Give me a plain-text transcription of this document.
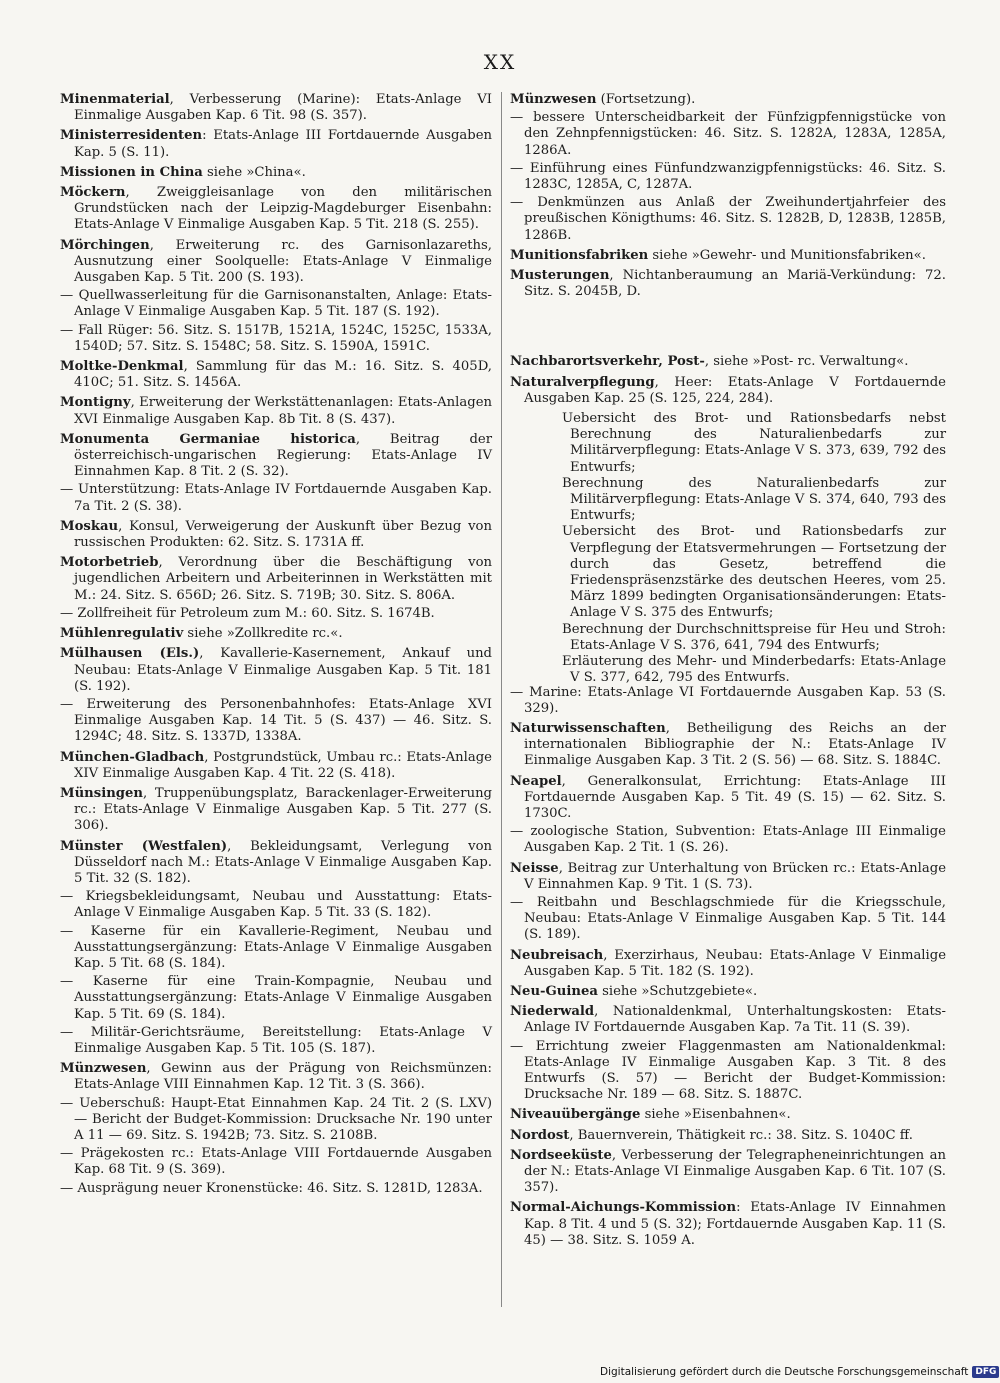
XX
Minenmaterial, Verbesserung (Marine): Etats-Anlage VI Einmalige Ausgaben Kap. 6 Tit. 98 (S. 357).
Ministerresidenten: Etats-Anlage III Fortdauernde Ausgaben Kap. 5 (S. 11).
Missionen in China siehe »China«.
Möckern, Zweiggleisanlage von den militärischen Grundstücken nach der Leipzig-Magdeburger Eisenbahn: Etats-Anlage V Einmalige Ausgaben Kap. 5 Tit. 218 (S. 255).
Mörchingen, Erweiterung rc. des Garnisonlazareths, Ausnutzung einer Soolquelle: Etats-Anlage V Einmalige Ausgaben Kap. 5 Tit. 200 (S. 193).
— Quellwasserleitung für die Garnisonanstalten, Anlage: Etats-Anlage V Einmalige Ausgaben Kap. 5 Tit. 187 (S. 192).
— Fall Rüger: 56. Sitz. S. 1517B, 1521A, 1524C, 1525C, 1533A, 1540D; 57. Sitz. S. 1548C; 58. Sitz. S. 1590A, 1591C.
Moltke-Denkmal, Sammlung für das M.: 16. Sitz. S. 405D, 410C; 51. Sitz. S. 1456A.
Montigny, Erweiterung der Werkstättenanlagen: Etats-Anlagen XVI Einmalige Ausgaben Kap. 8b Tit. 8 (S. 437).
Monumenta Germaniae historica, Beitrag der österreichisch-ungarischen Regierung: Etats-Anlage IV Einnahmen Kap. 8 Tit. 2 (S. 32).
— Unterstützung: Etats-Anlage IV Fortdauernde Ausgaben Kap. 7a Tit. 2 (S. 38).
Moskau, Konsul, Verweigerung der Auskunft über Bezug von russischen Produkten: 62. Sitz. S. 1731A ff.
Motorbetrieb, Verordnung über die Beschäftigung von jugendlichen Arbeitern und Arbeiterinnen in Werkstätten mit M.: 24. Sitz. S. 656D; 26. Sitz. S. 719B; 30. Sitz. S. 806A.
— Zollfreiheit für Petroleum zum M.: 60. Sitz. S. 1674B.
Mühlenregulativ siehe »Zollkredite rc.«.
Mülhausen (Els.), Kavallerie-Kasernement, Ankauf und Neubau: Etats-Anlage V Einmalige Ausgaben Kap. 5 Tit. 181 (S. 192).
— Erweiterung des Personenbahnhofes: Etats-Anlage XVI Einmalige Ausgaben Kap. 14 Tit. 5 (S. 437) — 46. Sitz. S. 1294C; 48. Sitz. S. 1337D, 1338A.
München-Gladbach, Postgrundstück, Umbau rc.: Etats-Anlage XIV Einmalige Ausgaben Kap. 4 Tit. 22 (S. 418).
Münsingen, Truppenübungsplatz, Barackenlager-Erweiterung rc.: Etats-Anlage V Einmalige Ausgaben Kap. 5 Tit. 277 (S. 306).
Münster (Westfalen), Bekleidungsamt, Verlegung von Düsseldorf nach M.: Etats-Anlage V Einmalige Ausgaben Kap. 5 Tit. 32 (S. 182).
— Kriegsbekleidungsamt, Neubau und Ausstattung: Etats-Anlage V Einmalige Ausgaben Kap. 5 Tit. 33 (S. 182).
— Kaserne für ein Kavallerie-Regiment, Neubau und Ausstattungsergänzung: Etats-Anlage V Einmalige Ausgaben Kap. 5 Tit. 68 (S. 184).
— Kaserne für eine Train-Kompagnie, Neubau und Ausstattungsergänzung: Etats-Anlage V Einmalige Ausgaben Kap. 5 Tit. 69 (S. 184).
— Militär-Gerichtsräume, Bereitstellung: Etats-Anlage V Einmalige Ausgaben Kap. 5 Tit. 105 (S. 187).
Münzwesen, Gewinn aus der Prägung von Reichsmünzen: Etats-Anlage VIII Einnahmen Kap. 12 Tit. 3 (S. 366).
— Ueberschuß: Haupt-Etat Einnahmen Kap. 24 Tit. 2 (S. LXV) — Bericht der Budget-Kommission: Drucksache Nr. 190 unter A 11 — 69. Sitz. S. 1942B; 73. Sitz. S. 2108B.
— Prägekosten rc.: Etats-Anlage VIII Fortdauernde Ausgaben Kap. 68 Tit. 9 (S. 369).
— Ausprägung neuer Kronenstücke: 46. Sitz. S. 1281D, 1283A.
Münzwesen (Fortsetzung).
— bessere Unterscheidbarkeit der Fünfzigpfennigstücke von den Zehnpfennigstücken: 46. Sitz. S. 1282A, 1283A, 1285A, 1286A.
— Einführung eines Fünfundzwanzigpfennigstücks: 46. Sitz. S. 1283C, 1285A, C, 1287A.
— Denkmünzen aus Anlaß der Zweihundertjahrfeier des preußischen Königthums: 46. Sitz. S. 1282B, D, 1283B, 1285B, 1286B.
Munitionsfabriken siehe »Gewehr- und Munitionsfabriken«.
Musterungen, Nichtanberaumung an Mariä-Verkündung: 72. Sitz. S. 2045B, D.
Nachbarortsverkehr, Post-, siehe »Post- rc. Verwaltung«.
Naturalverpflegung, Heer: Etats-Anlage V Fortdauernde Ausgaben Kap. 25 (S. 125, 224, 284).
Uebersicht des Brot- und Rationsbedarfs nebst Berechnung des Naturalienbedarfs zur Militärverpflegung: Etats-Anlage V S. 373, 639, 792 des Entwurfs;
Berechnung des Naturalienbedarfs zur Militärverpflegung: Etats-Anlage V S. 374, 640, 793 des Entwurfs;
Uebersicht des Brot- und Rationsbedarfs zur Verpflegung der Etatsvermehrungen — Fortsetzung der durch das Gesetz, betreffend die Friedenspräsenzstärke des deutschen Heeres, vom 25. März 1899 bedingten Organisationsänderungen: Etats-Anlage V S. 375 des Entwurfs;
Berechnung der Durchschnittspreise für Heu und Stroh: Etats-Anlage V S. 376, 641, 794 des Entwurfs;
Erläuterung des Mehr- und Minderbedarfs: Etats-Anlage V S. 377, 642, 795 des Entwurfs.
— Marine: Etats-Anlage VI Fortdauernde Ausgaben Kap. 53 (S. 329).
Naturwissenschaften, Betheiligung des Reichs an der internationalen Bibliographie der N.: Etats-Anlage IV Einmalige Ausgaben Kap. 3 Tit. 2 (S. 56) — 68. Sitz. S. 1884C.
Neapel, Generalkonsulat, Errichtung: Etats-Anlage III Fortdauernde Ausgaben Kap. 5 Tit. 49 (S. 15) — 62. Sitz. S. 1730C.
— zoologische Station, Subvention: Etats-Anlage III Einmalige Ausgaben Kap. 2 Tit. 1 (S. 26).
Neisse, Beitrag zur Unterhaltung von Brücken rc.: Etats-Anlage V Einnahmen Kap. 9 Tit. 1 (S. 73).
— Reitbahn und Beschlagschmiede für die Kriegsschule, Neubau: Etats-Anlage V Einmalige Ausgaben Kap. 5 Tit. 144 (S. 189).
Neubreisach, Exerzirhaus, Neubau: Etats-Anlage V Einmalige Ausgaben Kap. 5 Tit. 182 (S. 192).
Neu-Guinea siehe »Schutzgebiete«.
Niederwald, Nationaldenkmal, Unterhaltungskosten: Etats-Anlage IV Fortdauernde Ausgaben Kap. 7a Tit. 11 (S. 39).
— Errichtung zweier Flaggenmasten am Nationaldenkmal: Etats-Anlage IV Einmalige Ausgaben Kap. 3 Tit. 8 des Entwurfs (S. 57) — Bericht der Budget-Kommission: Drucksache Nr. 189 — 68. Sitz. S. 1887C.
Niveauübergänge siehe »Eisenbahnen«.
Nordost, Bauernverein, Thätigkeit rc.: 38. Sitz. S. 1040C ff.
Nordseeküste, Verbesserung der Telegrapheneinrichtungen an der N.: Etats-Anlage VI Einmalige Ausgaben Kap. 6 Tit. 107 (S. 357).
Normal-Aichungs-Kommission: Etats-Anlage IV Einnahmen Kap. 8 Tit. 4 und 5 (S. 32); Fortdauernde Ausgaben Kap. 11 (S. 45) — 38. Sitz. S. 1059 A.
Digitalisierung gefördert durch die Deutsche Forschungsgemeinschaft DFG
